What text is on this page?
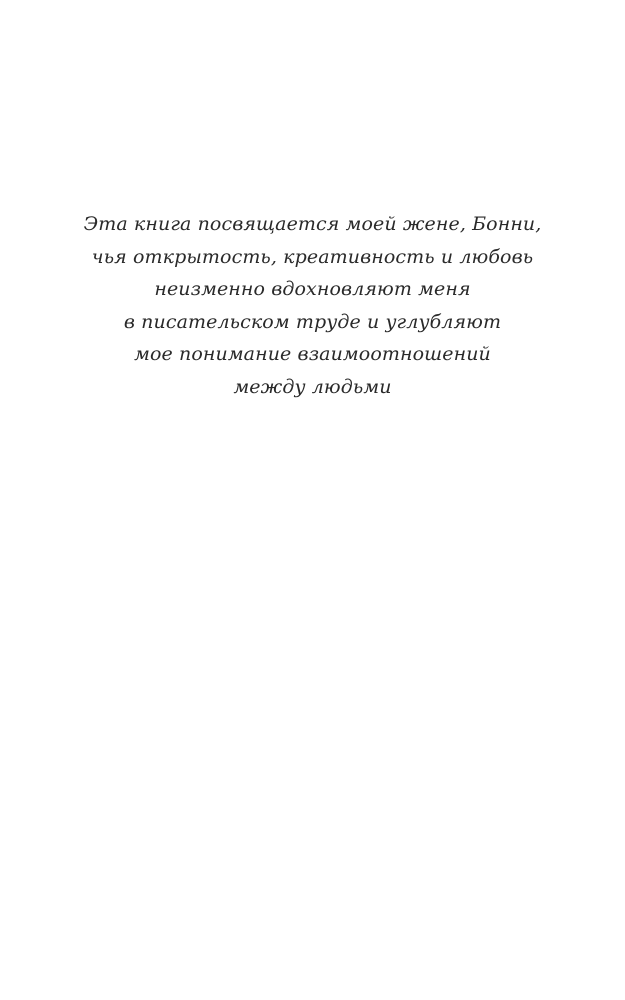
Эта книга посвящается моей жене, Бонни,
чья открытость, креативность и любовь
неизменно вдохновляют меня
в писательском труде и углубляют
мое понимание взаимоотношений
между людьми
